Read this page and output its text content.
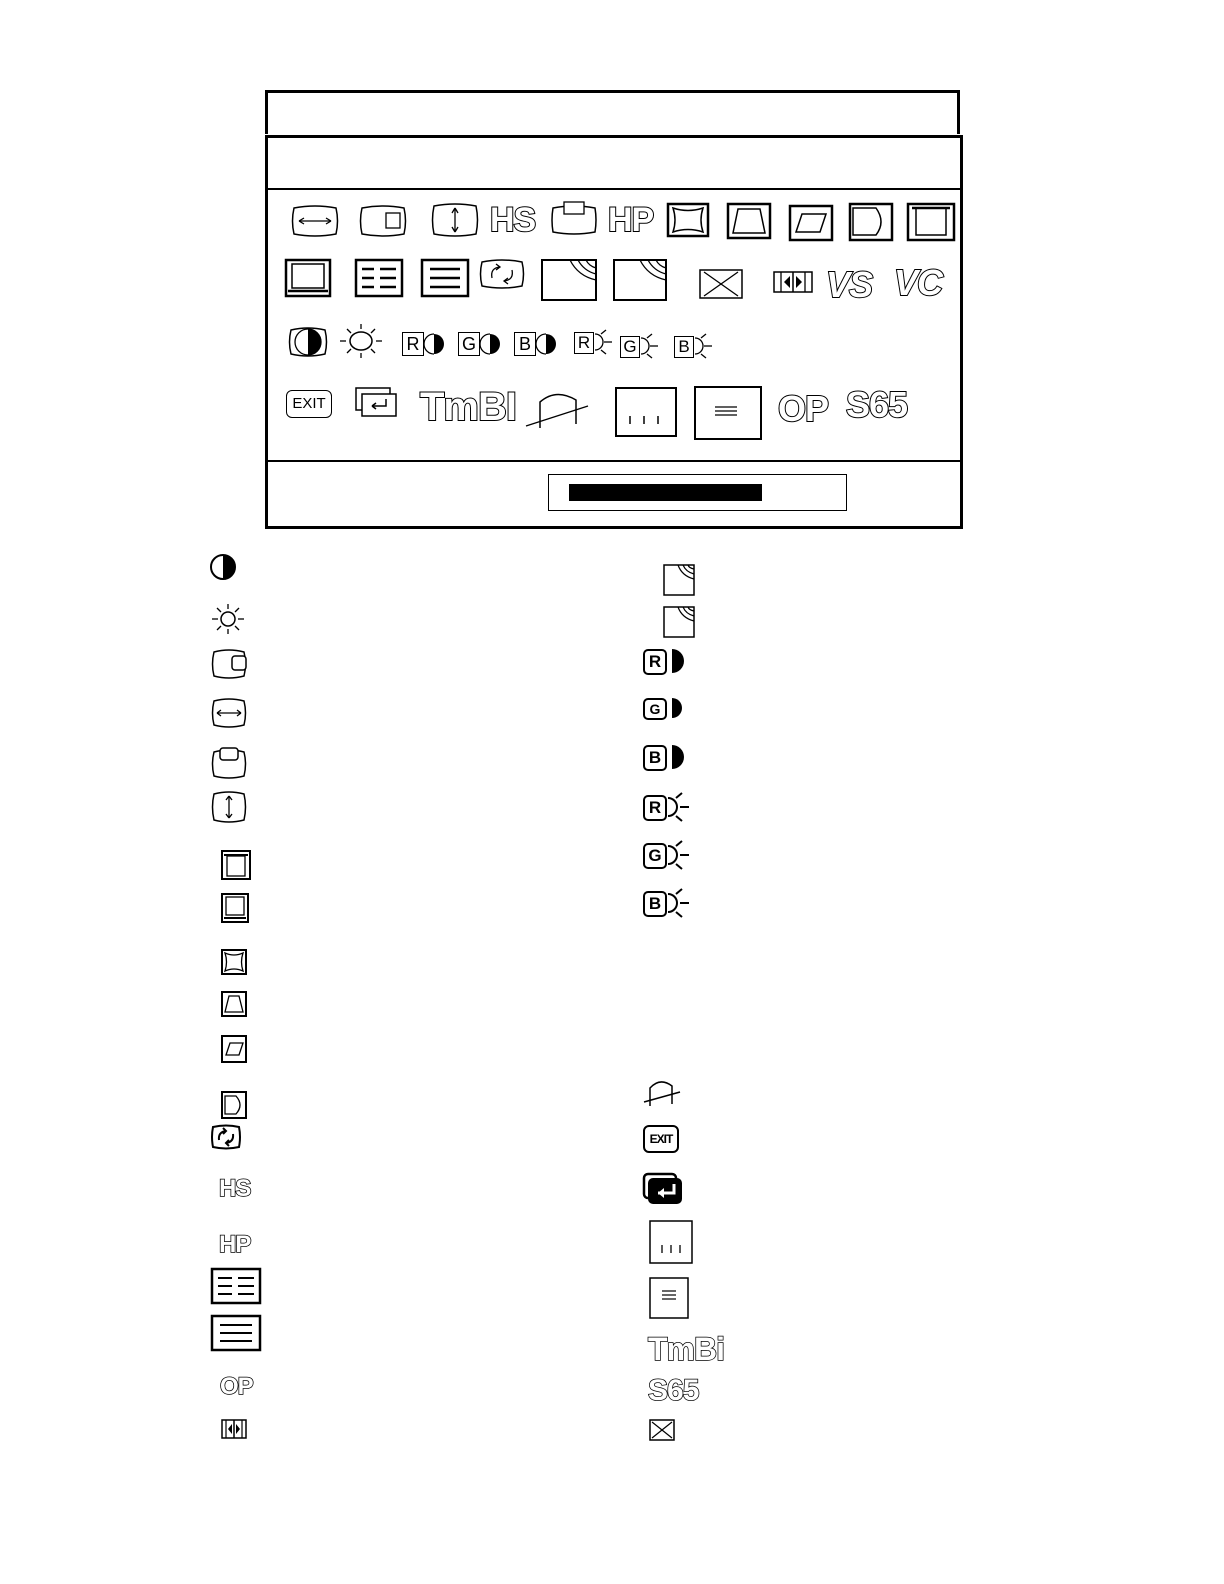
HS HP
VS VC
R G B	R G B
EXIT TmBI	OP S65
HS
HP
OP
R
G
B
R
G
B
EXIT
TmBi
S65
